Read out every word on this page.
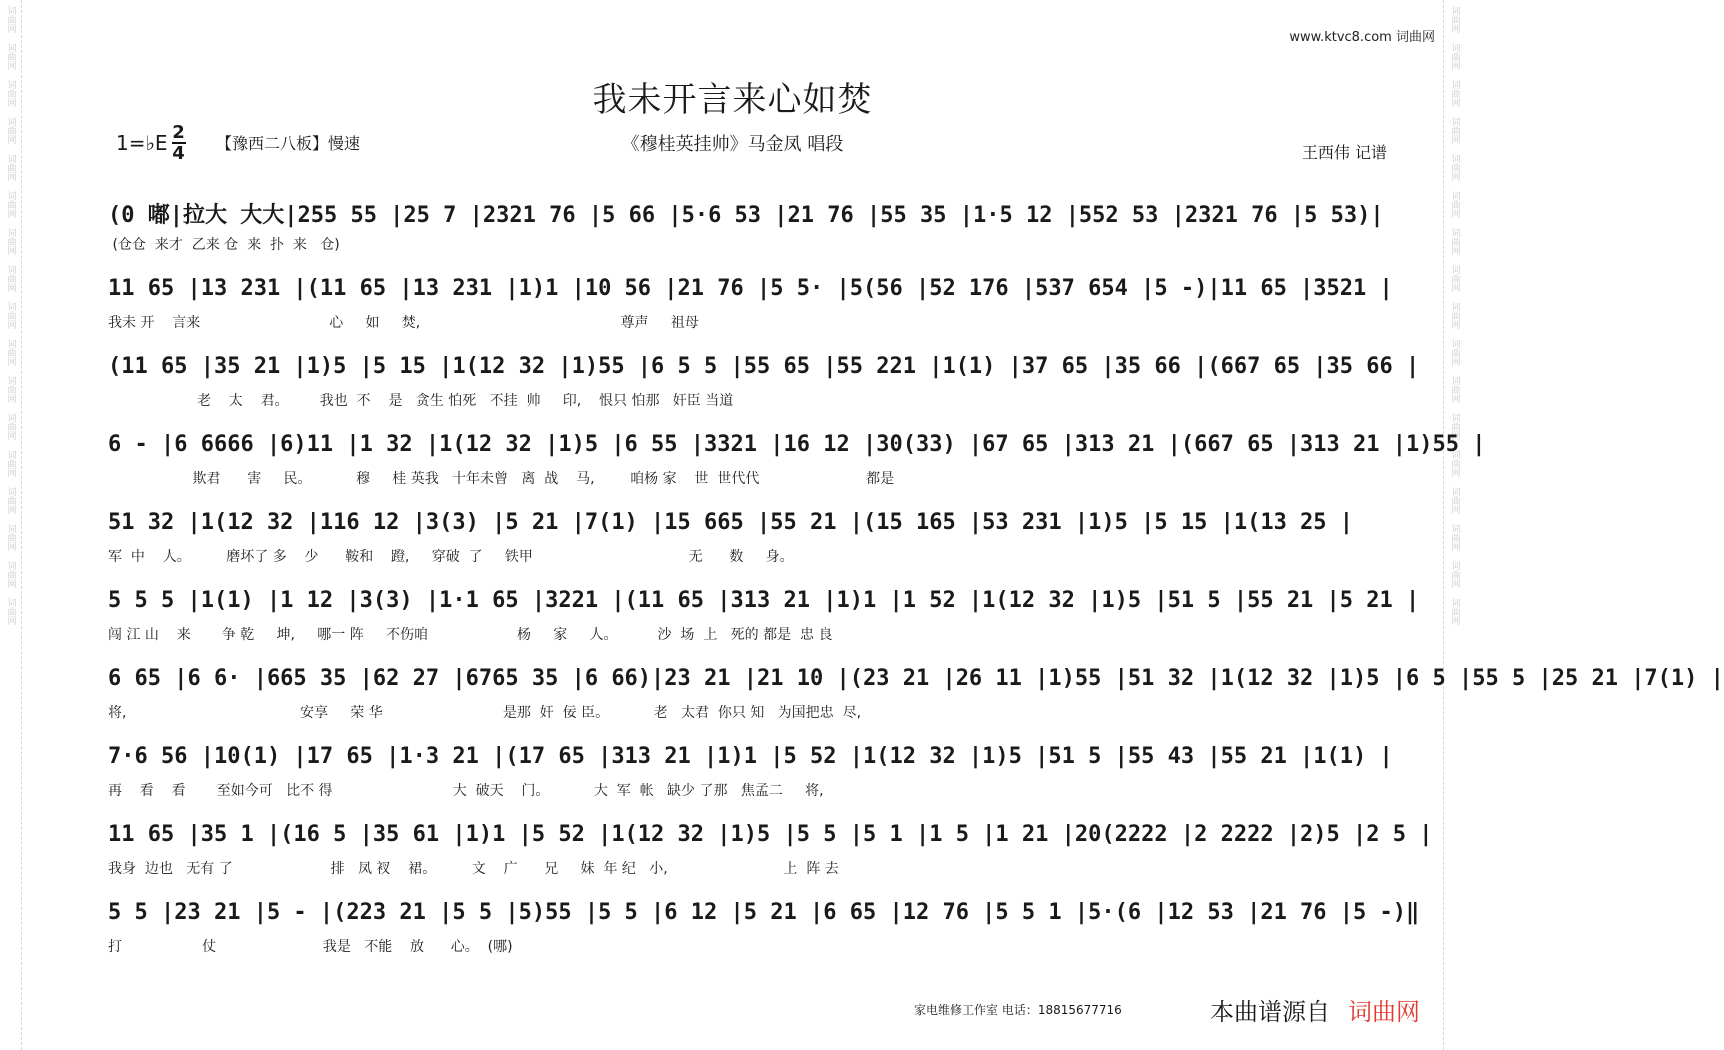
词曲网
词曲网
词曲网
词曲网
词曲网
词曲网
词曲网
词曲网
词曲网
词曲网
词曲网
词曲网
词曲网
词曲网
词曲网
词曲网
词曲网
词曲网
词曲网
词曲网
词曲网
词曲网
词曲网
词曲网
词曲网
词曲网
词曲网
词曲网
词曲网
词曲网
词曲网
词曲网
词曲网
词曲网
www.ktvc8.com 词曲网
我未开言来心如焚
《穆桂英挂帅》马金凤 唱段
1=♭E $\frac{2}{4}$ 【豫西二八板】慢速	王西伟 记谱
(0 嘟|拉大 大大|255 55 |25 7 |2321 76 |5 66 |5·6 53 |21 76 |55 35 |1·5 12 |552 53 |2321 76 |5 53)|
(仓仓  来才  乙来 仓  来  扑  来   仓)
11 65 |13 231 |(11 65 |13 231 |1)1 |10 56 |21 76 |5 5· |5(56 |52 176 |537 654 |5 -)|11 65 |3521 |
我未 开    言来                             心     如     焚,                                             尊声     祖母
(11 65 |35 21 |1)5 |5 15 |1(12 32 |1)55 |6 5 5 |55 65 |55 221 |1(1) |37 65 |35 66 |(667 65 |35 66 |
老    太    君。       我也  不    是   贪生 怕死   不挂  帅     印,    恨只 怕那   奸臣 当道
6 - |6 6666 |6)11 |1 32 |1(12 32 |1)5 |6 55 |3321 |16 12 |30(33) |67 65 |313 21 |(667 65 |313 21 |1)55 |
欺君      害     民。          穆     桂 英我   十年未曾   离  战    马,        咱杨 家    世  世代代                        都是
51 32 |1(12 32 |116 12 |3(3) |5 21 |7(1) |15 665 |55 21 |(15 165 |53 231 |1)5 |5 15 |1(13 25 |
军  中    人。        磨坏了 多    少      鞍和    蹬,     穿破  了     铁甲                                   无      数     身。
5 5 5 |1(1) |1 12 |3(3) |1·1 65 |3221 |(11 65 |313 21 |1)1 |1 52 |1(12 32 |1)5 |51 5 |55 21 |5 21 |
闯 江 山    来       争 乾     坤,     哪一 阵     不伤咱                    杨     家     人。         沙  场  上   死的 都是  忠 良
6 65 |6 6· |665 35 |62 27 |6765 35 |6 66)|23 21 |21 10 |(23 21 |26 11 |1)55 |51 32 |1(12 32 |1)5 |6 5 |55 5 |25 21 |7(1) |
将,                                       安享     荣 华                           是那  奸  佞 臣。          老   太君  你只 知   为国把忠  尽,
7·6 56 |10(1) |17 65 |1·3 21 |(17 65 |313 21 |1)1 |5 52 |1(12 32 |1)5 |51 5 |55 43 |55 21 |1(1) |
再    看    看       至如今可   比不 得                           大  破天    门。          大  军  帐   缺少 了那   焦孟二     将,
11 65 |35 1 |(16 5 |35 61 |1)1 |5 52 |1(12 32 |1)5 |5 5 |5 1 |1 5 |1 21 |20(2222 |2 2222 |2)5 |2 5 |
我身  边也   无有 了                      排   凤 衩    裙。        文    广      兄     妹  年 纪   小,                          上  阵 去
5 5 |23 21 |5 - |(223 21 |5 5 |5)55 |5 5 |6 12 |5 21 |6 65 |12 76 |5 5 1 |5·(6 |12 53 |21 76 |5 -)‖
打                  仗                        我是   不能    放      心。  (哪)
家电维修工作室 电话：18815677716	本曲谱源自 词曲网
